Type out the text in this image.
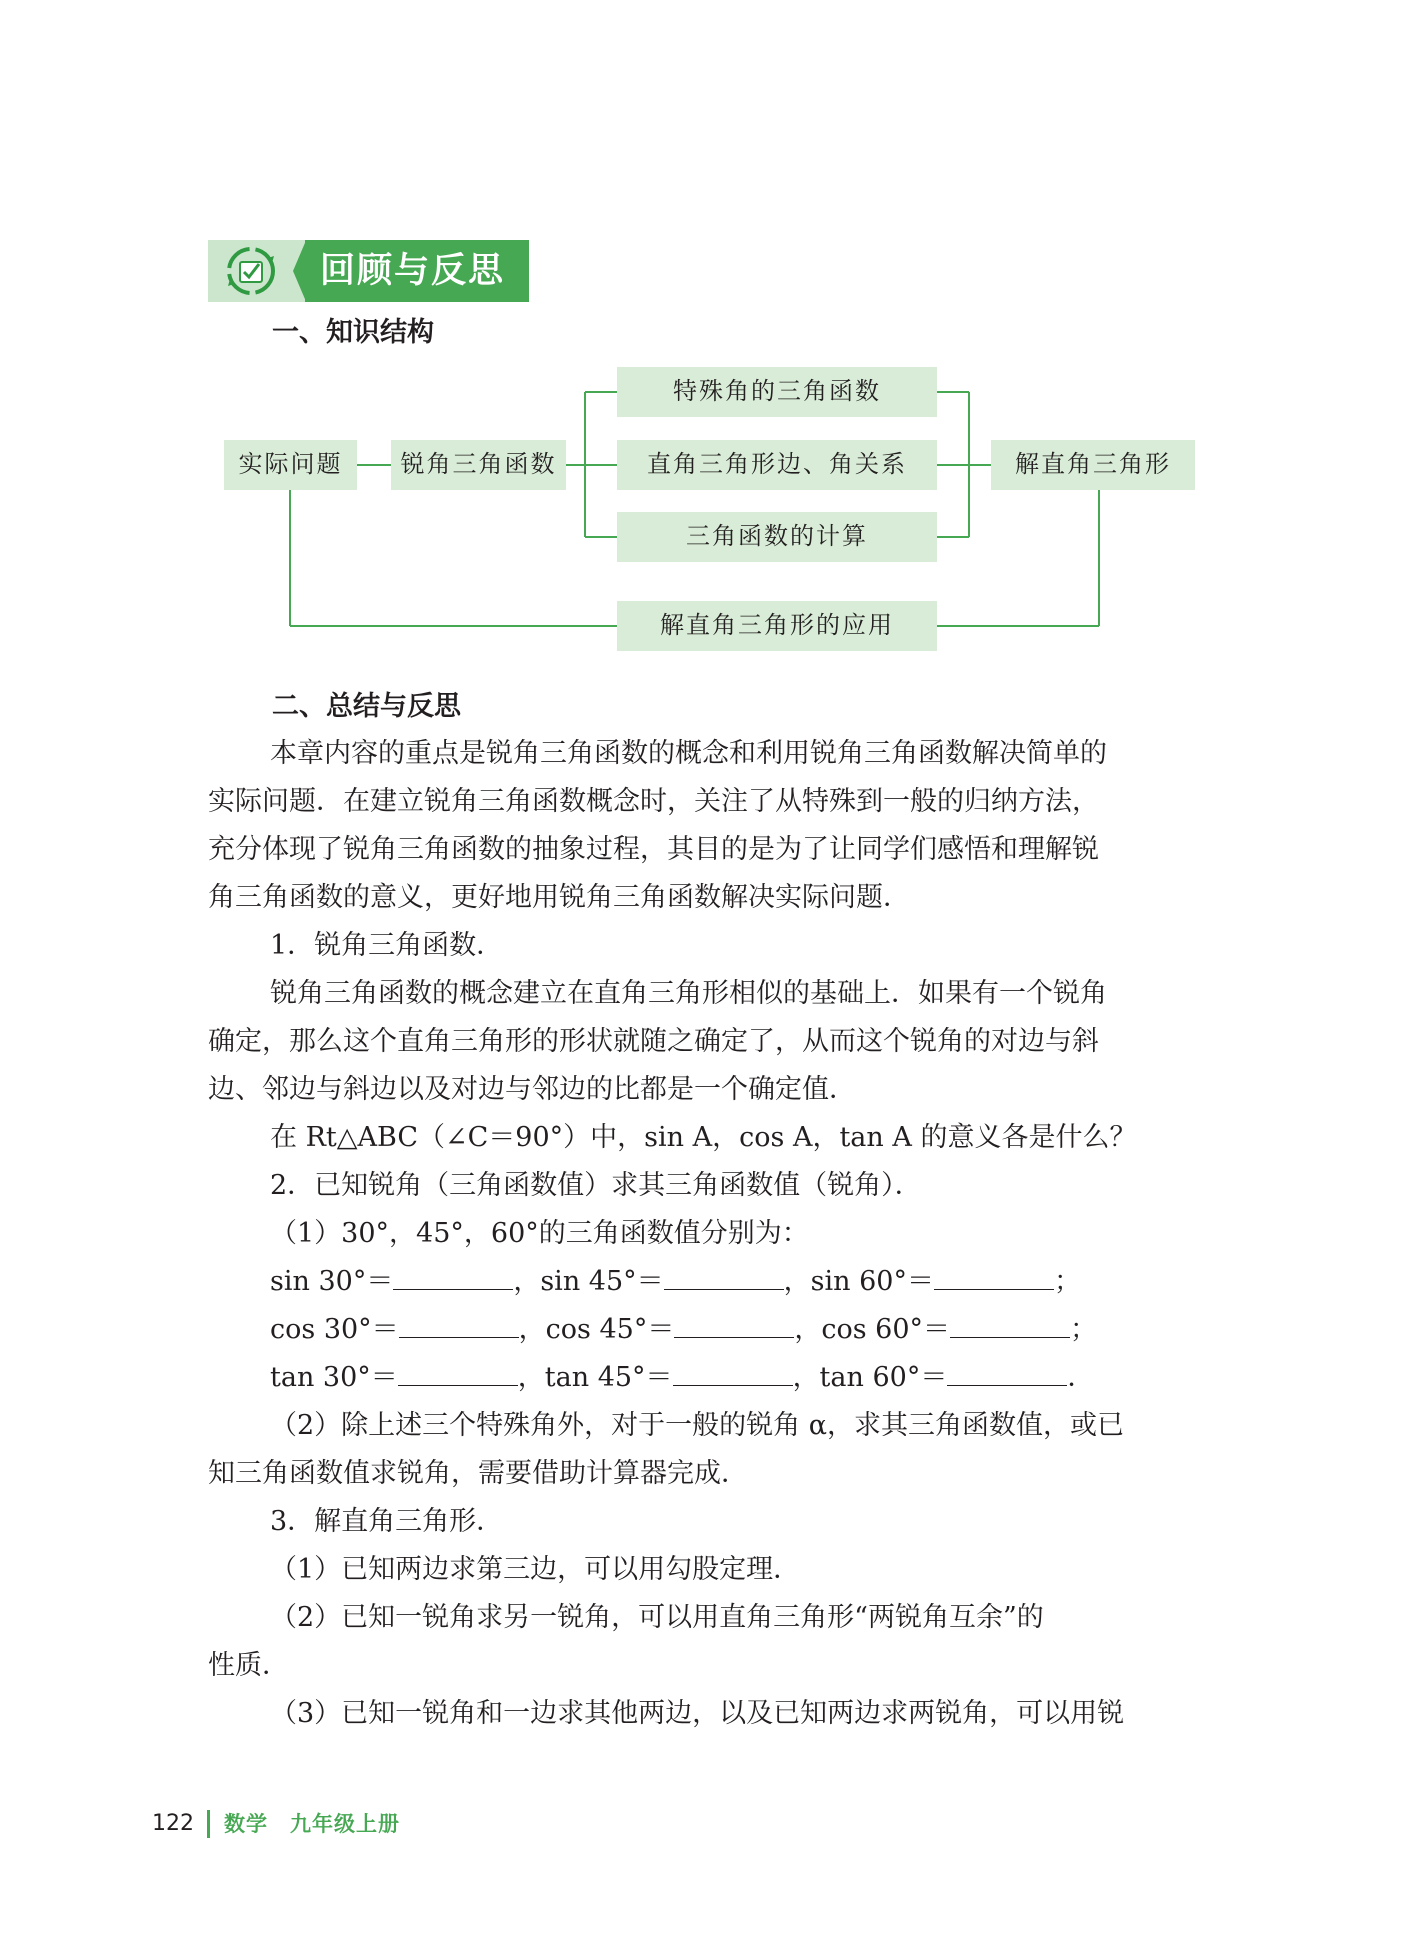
回顾与反思
一、知识结构
实际问题	锐角三角函数
特殊角的三角函数
直角三角形边、角关系
三角函数的计算
解直角三角形
解直角三角形的应用
二、总结与反思
本章内容的重点是锐角三角函数的概念和利用锐角三角函数解决简单的
实际问题．在建立锐角三角函数概念时，关注了从特殊到一般的归纳方法，
充分体现了锐角三角函数的抽象过程，其目的是为了让同学们感悟和理解锐
角三角函数的意义，更好地用锐角三角函数解决实际问题．
1．锐角三角函数．
锐角三角函数的概念建立在直角三角形相似的基础上．如果有一个锐角
确定，那么这个直角三角形的形状就随之确定了，从而这个锐角的对边与斜
边、邻边与斜边以及对边与邻边的比都是一个确定值．
在 Rt△ABC（∠C＝90°）中，sin A，cos A，tan A 的意义各是什么？
2．已知锐角（三角函数值）求其三角函数值（锐角）．
（1）30°，45°，60°的三角函数值分别为：
sin 30°＝	，sin 45°＝	，sin 60°＝	；
cos 30°＝	，cos 45°＝	，cos 60°＝	；
tan 30°＝	，tan 45°＝	，tan 60°＝	．
（2）除上述三个特殊角外，对于一般的锐角 α，求其三角函数值，或已
知三角函数值求锐角，需要借助计算器完成．
3．解直角三角形．
（1）已知两边求第三边，可以用勾股定理．
（2）已知一锐角求另一锐角，可以用直角三角形“两锐角互余”的
性质．
（3）已知一锐角和一边求其他两边，以及已知两边求两锐角，可以用锐
122 数学　九年级上册
